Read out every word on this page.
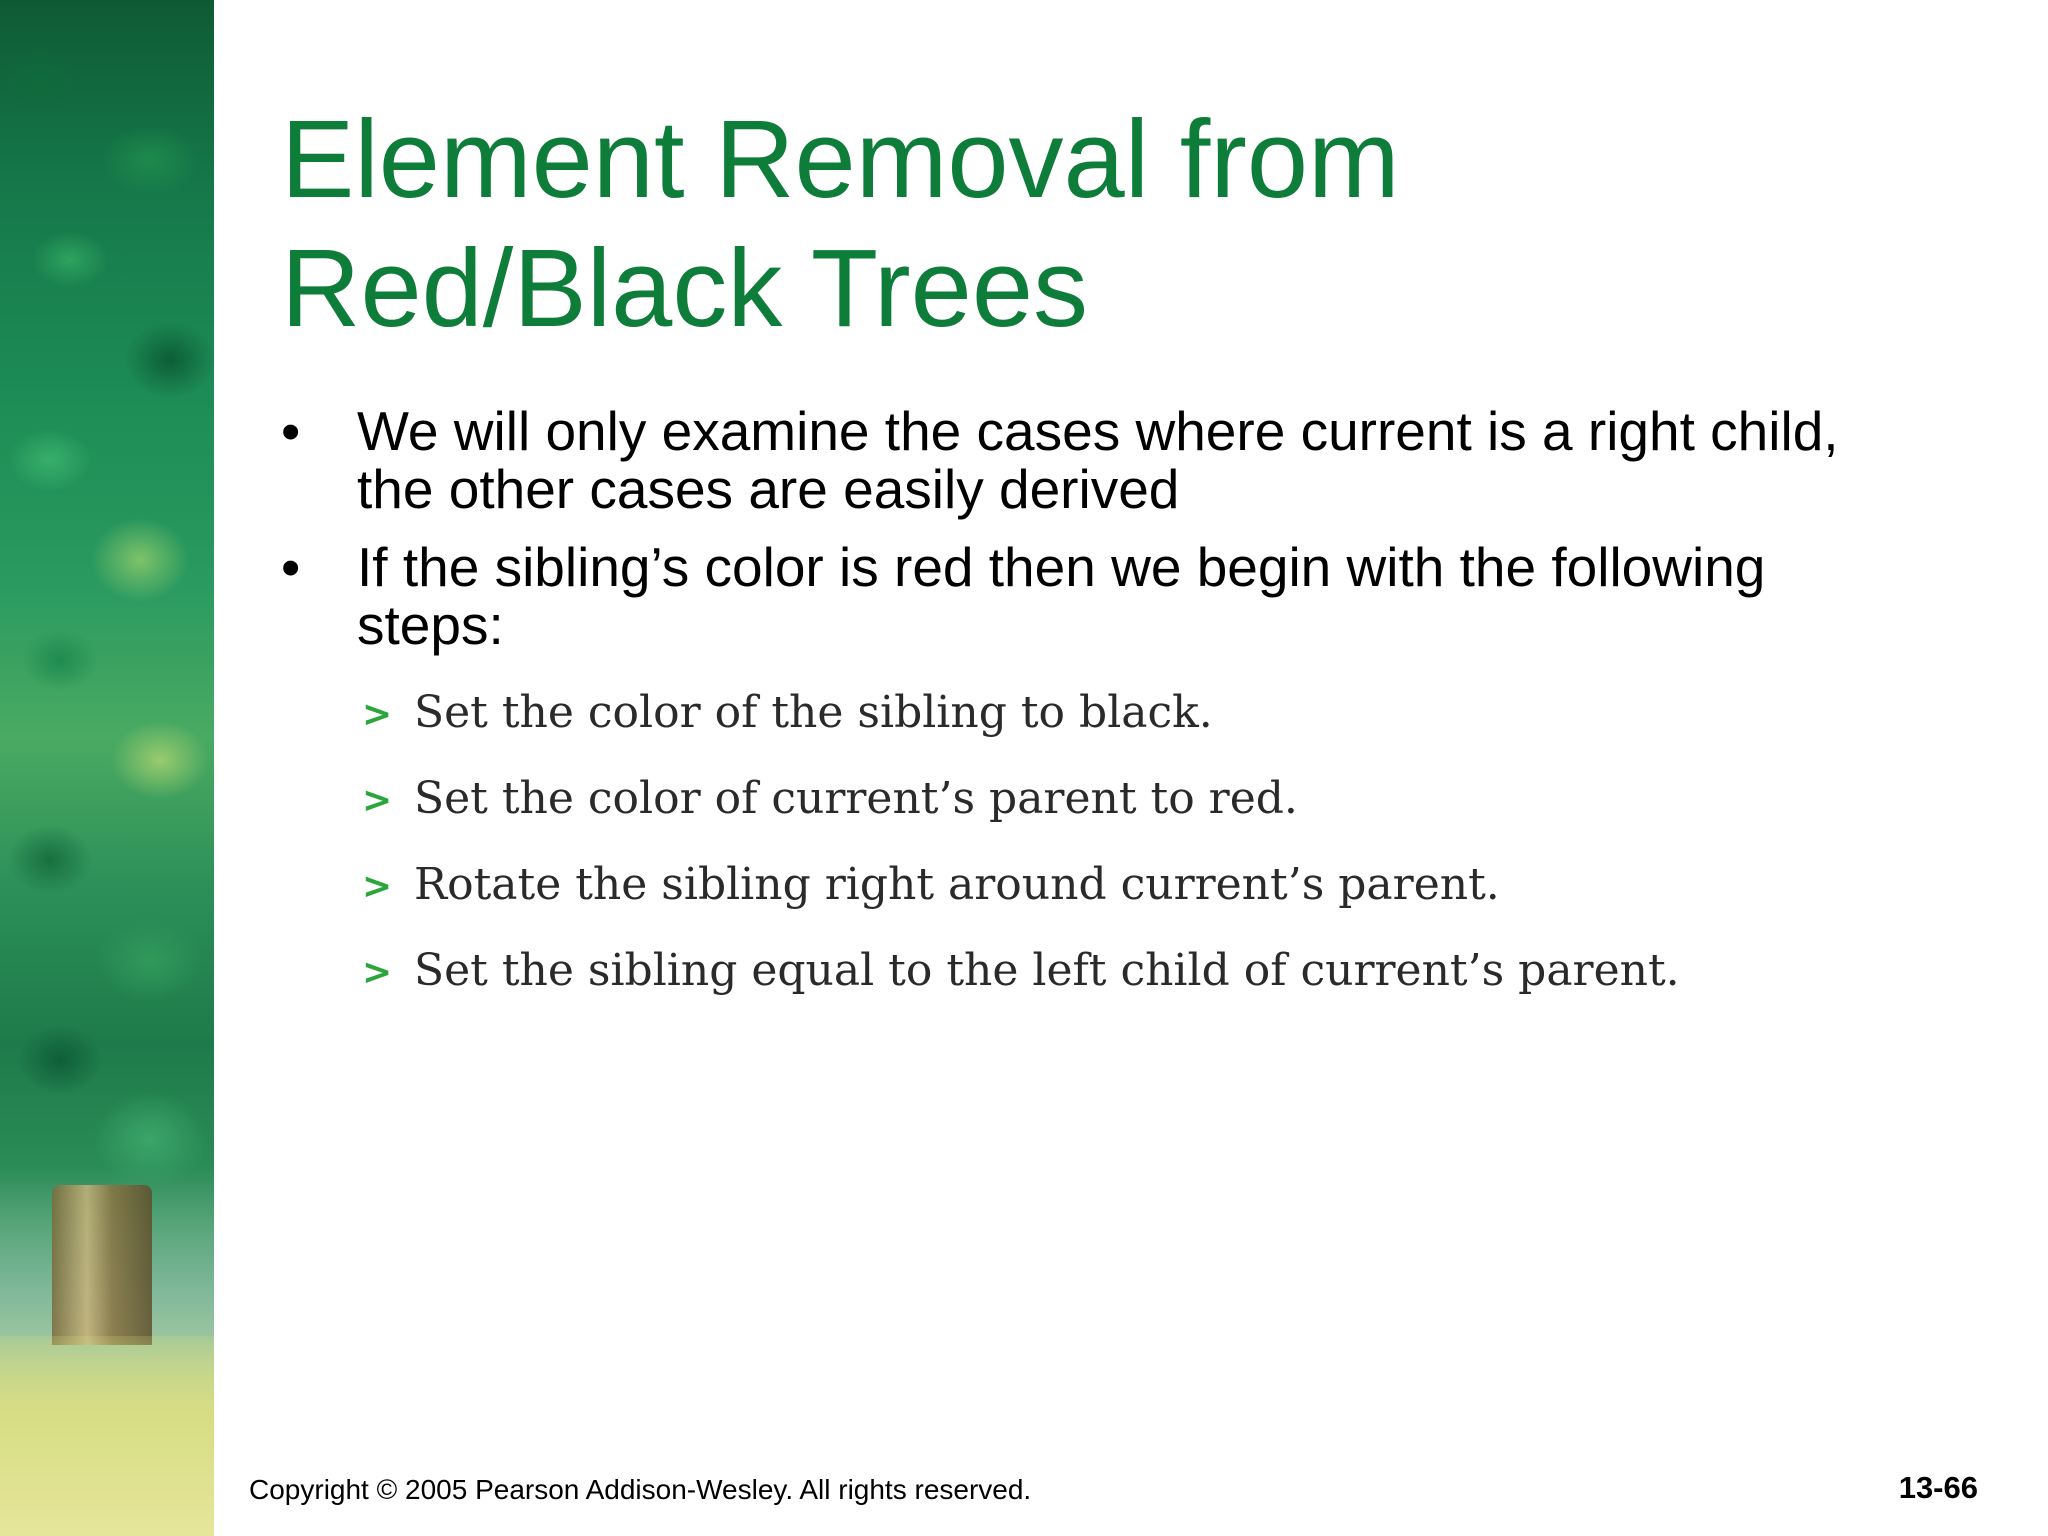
Element Removal from
Red/Black Trees
• We will only examine the cases where current is a right child,
the other cases are easily derived
• If the sibling’s color is red then we begin with the following
steps:
> Set the color of the sibling to black.
> Set the color of current’s parent to red.
> Rotate the sibling right around current’s parent.
> Set the sibling equal to the left child of current’s parent.
Copyright © 2005 Pearson Addison-Wesley. All rights reserved.	13-66
